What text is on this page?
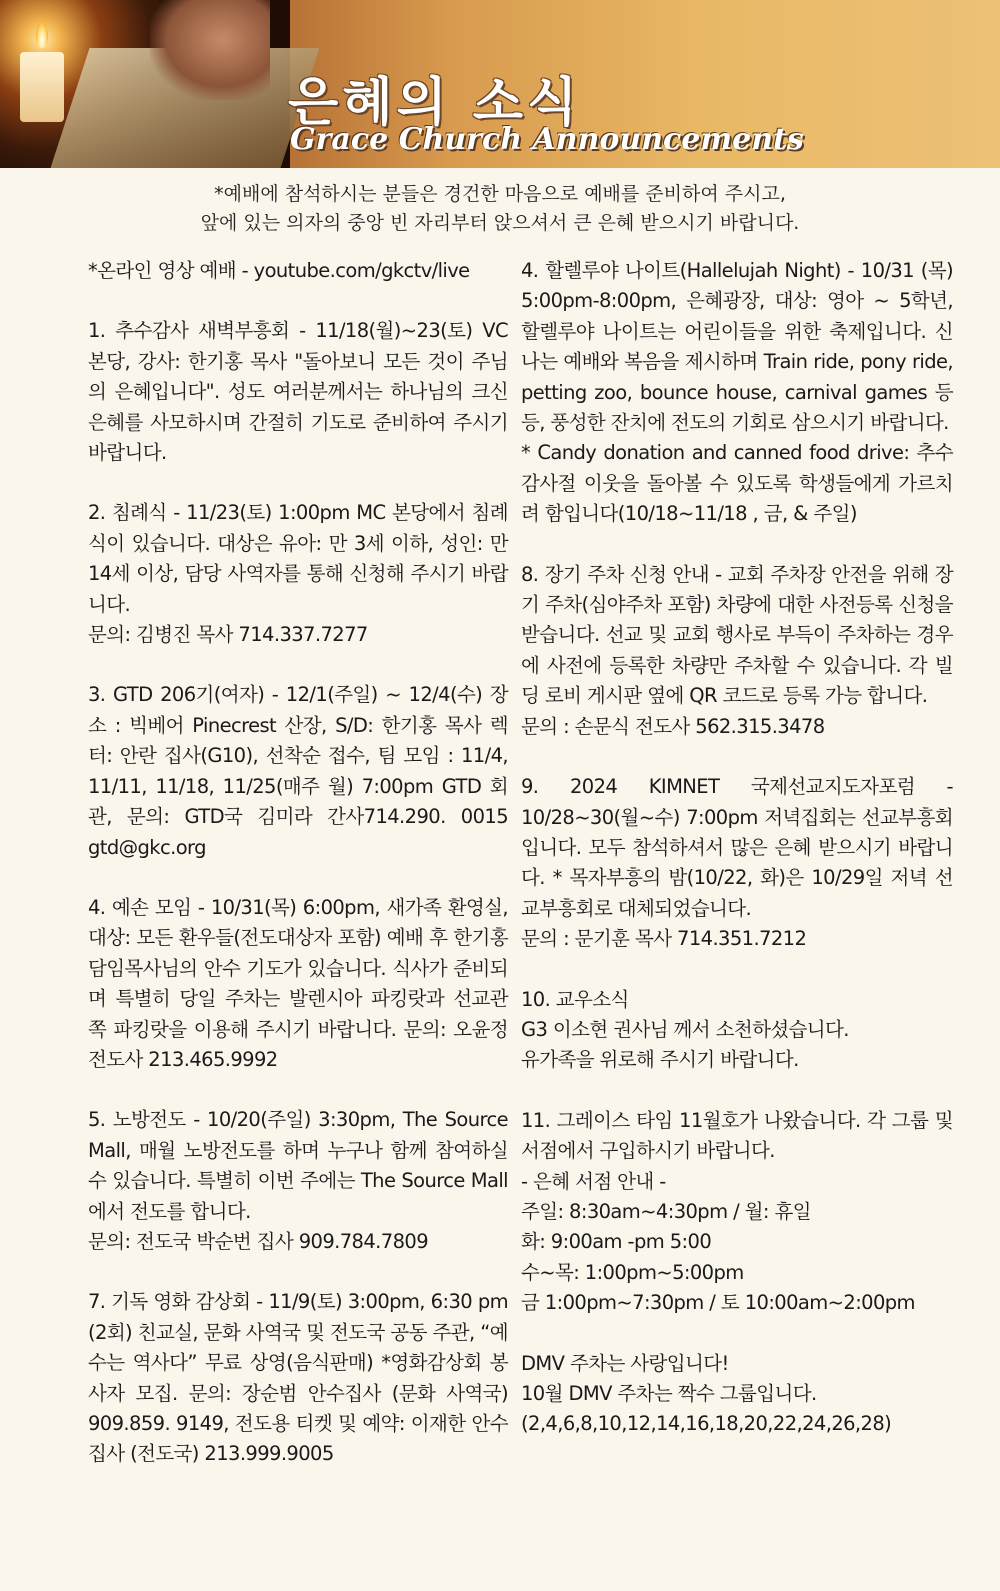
은혜의 소식
Grace Church Announcements
*예배에 참석하시는 분들은 경건한 마음으로 예배를 준비하여 주시고,
앞에 있는 의자의 중앙 빈 자리부터 앉으셔서 큰 은혜 받으시기 바랍니다.

*온라인 영상 예배 - youtube.com/gkctv/live

1. 추수감사 새벽부흥회 - 11/18(월)~23(토) VC 본당, 강사: 한기홍 목사 "돌아보니 모든 것이 주님의 은혜입니다". 성도 여러분께서는 하나님의 크신 은혜를 사모하시며 간절히 기도로 준비하여 주시기 바랍니다.

2. 침례식 - 11/23(토) 1:00pm MC 본당에서 침례식이 있습니다. 대상은 유아: 만 3세 이하, 성인: 만 14세 이상, 담당 사역자를 통해 신청해 주시기 바랍니다.

문의: 김병진 목사 714.337.7277

3. GTD 206기(여자) - 12/1(주일) ~ 12/4(수) 장소 : 빅베어 Pinecrest 산장, S/D: 한기홍 목사 렉터: 안란 집사(G10), 선착순 접수, 팀 모임 : 11/4, 11/11, 11/18, 11/25(매주 월) 7:00pm GTD 회관, 문의: GTD국 김미라 간사714.290. 0015 gtd@gkc.org

4. 예손 모임 - 10/31(목) 6:00pm, 새가족 환영실, 대상: 모든 환우들(전도대상자 포함) 예배 후 한기홍 담임목사님의 안수 기도가 있습니다. 식사가 준비되며 특별히 당일 주차는 발렌시아 파킹랏과 선교관 쪽 파킹랏을 이용해 주시기 바랍니다. 문의: 오윤정 전도사 213.465.9992

5. 노방전도 - 10/20(주일) 3:30pm, The Source Mall, 매월 노방전도를 하며 누구나 함께 참여하실 수 있습니다. 특별히 이번 주에는 The Source Mall 에서 전도를 합니다.

문의: 전도국 박순번 집사 909.784.7809

7. 기독 영화 감상회 - 11/9(토) 3:00pm, 6:30 pm (2회) 친교실, 문화 사역국 및 전도국 공동 주관, “예수는 역사다” 무료 상영(음식판매) *영화감상회 봉사자 모집. 문의: 장순범 안수집사 (문화 사역국) 909.859. 9149, 전도용 티켓 및 예약: 이재한 안수집사 (전도국) 213.999.9005

4. 할렐루야 나이트(Hallelujah Night) - 10/31 (목) 5:00pm-8:00pm, 은혜광장, 대상: 영아 ~ 5학년, 할렐루야 나이트는 어린이들을 위한 축제입니다. 신나는 예배와 복음을 제시하며 Train ride, pony ride, petting zoo, bounce house, carnival games 등등, 풍성한 잔치에 전도의 기회로 삼으시기 바랍니다.

* Candy donation and canned food drive: 추수감사절 이웃을 돌아볼 수 있도록 학생들에게 가르치려 함입니다(10/18~11/18 , 금, & 주일)

8. 장기 주차 신청 안내 - 교회 주차장 안전을 위해 장기 주차(심야주차 포함) 차량에 대한 사전등록 신청을 받습니다. 선교 및 교회 행사로 부득이 주차하는 경우에 사전에 등록한 차량만 주차할 수 있습니다. 각 빌딩 로비 게시판 옆에 QR 코드로 등록 가능 합니다.

문의 : 손문식 전도사 562.315.3478

9. 2024 KIMNET 국제선교지도자포럼 - 10/28~30(월~수) 7:00pm 저녁집회는 선교부흥회입니다. 모두 참석하셔서 많은 은혜 받으시기 바랍니다. * 목자부흥의 밤(10/22, 화)은 10/29일 저녁 선교부흥회로 대체되었습니다.

문의 : 문기훈 목사 714.351.7212

10. 교우소식

G3 이소현 권사님 께서 소천하셨습니다.

유가족을 위로해 주시기 바랍니다.

11. 그레이스 타임 11월호가 나왔습니다. 각 그룹 및 서점에서 구입하시기 바랍니다.

- 은혜 서점 안내 -

주일: 8:30am~4:30pm / 월: 휴일

화: 9:00am -pm 5:00

수~목: 1:00pm~5:00pm

금 1:00pm~7:30pm / 토 10:00am~2:00pm

DMV 주차는 사랑입니다!

10월 DMV 주차는 짝수 그룹입니다.

(2,4,6,8,10,12,14,16,18,20,22,24,26,28)
